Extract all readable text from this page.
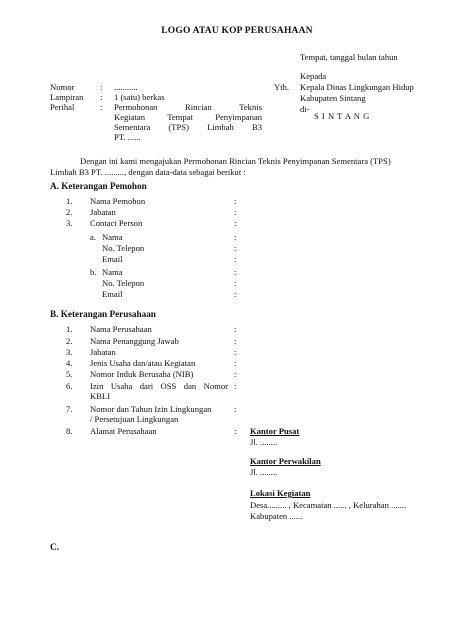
LOGO ATAU KOP PERUSAHAAN
Tempat, tanggal bulan tahun
Kepada
Yth. Kepala Dinas Lingkungan Hidup
Kabupaten Sintang
di-
S I N T A N G
Nomor	: ...........
Lampiran : 1 (satu) berkas
Perihal	: Permohonan Rincian Teknis
Kegiatan Tempat Penyimpanan
Sementara (TPS) Limbah B3
PT. ......
Dengan ini kami mengajukan Permohonan Rincian Teknis Penyimpanan Sementara (TPS)
Limbah B3 PT. ........., dengan data-data sebagai berikut :
A. Keterangan Pemohon
1. Nama Pemohon	:
2. Jabatan	:
3. Contact Person	:
a. Nama	:
No. Telepon	:
Email	:
b. Nama	:
No. Telepon	:
Email	:
B. Keterangan Perusahaan
1. Nama Perusahaan	:
2. Nama Penanggung Jawab	:
3. Jabatan	:
4. Jenis Usaha dan/atau Kegiatan	:
5. Nomor Induk Berusaha (NIB)	:
6. Izin Usaha dari OSS dan Nomor
KBLI
:
7. Nomor dan Tahun Izin Lingkungan
/ Persetujuan Lingkungan
:
8. Alamat Perusahaan	: Kantor Pusat
Jl. ........
Kantor Perwakilan
Jl. ........
Lokasi Kegiatan
Desa......... , Kecamatan ...... , Kelurahan .......
Kabupaten ......
C.
